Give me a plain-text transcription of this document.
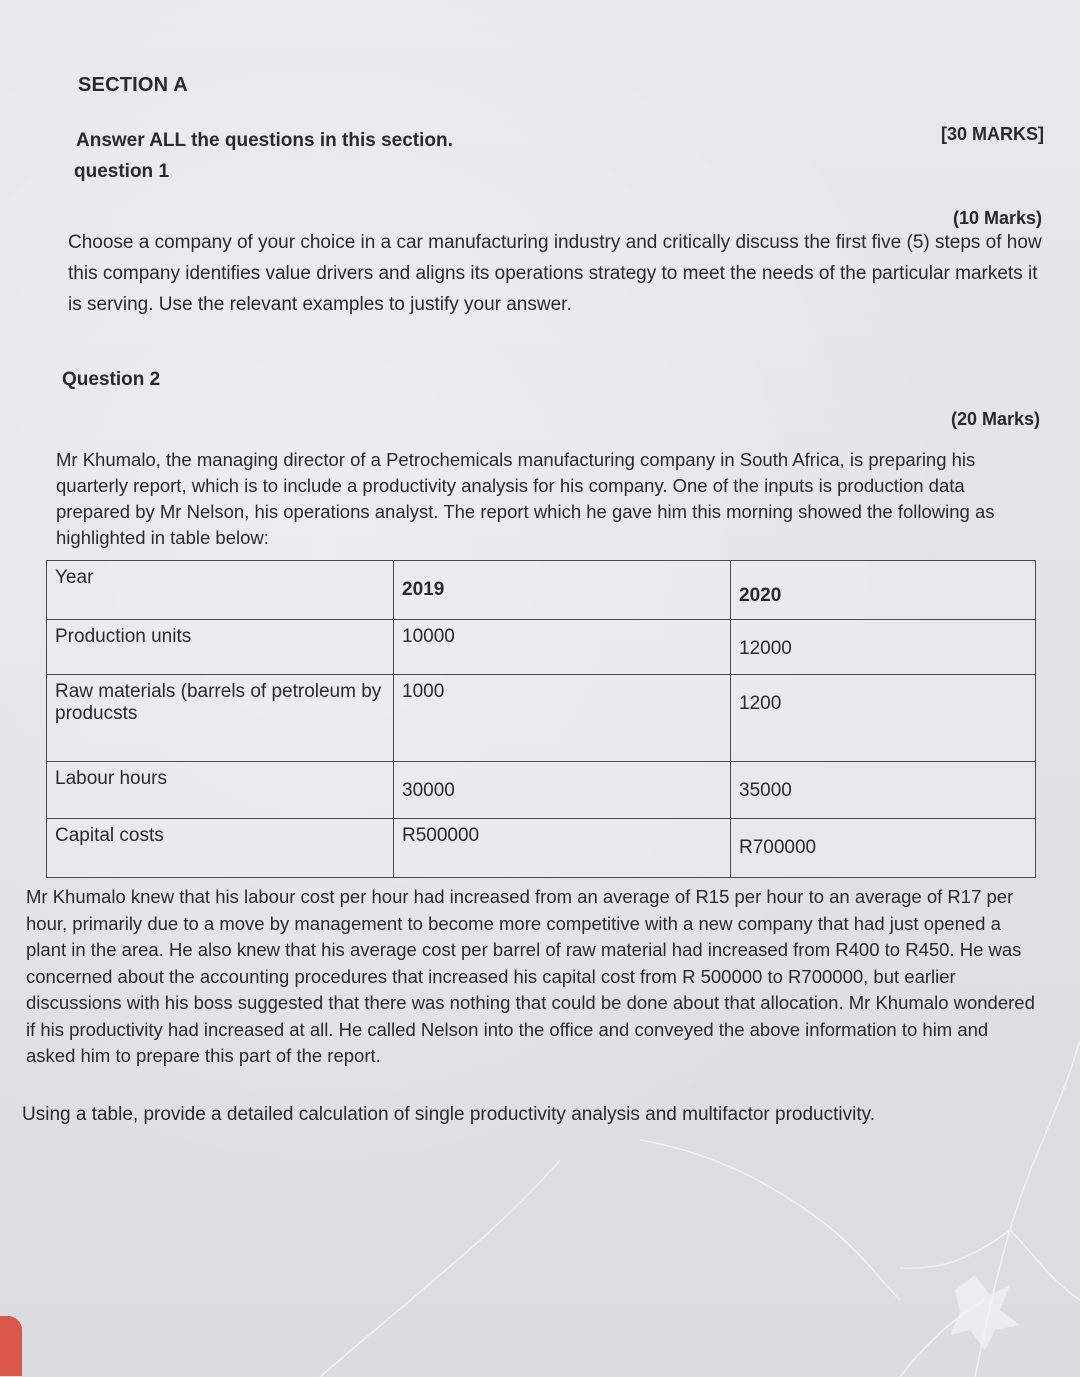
SECTION A
Answer ALL the questions in this section.	[30 MARKS]
question 1
(10 Marks)
Choose a company of your choice in a car manufacturing industry and critically discuss the first five (5) steps of how this company identifies value drivers and aligns its operations strategy to meet the needs of the particular markets it is serving. Use the relevant examples to justify your answer.
Question 2
(20 Marks)
Mr Khumalo, the managing director of a Petrochemicals manufacturing company in South Africa, is preparing his quarterly report, which is to include a productivity analysis for his company. One of the inputs is production data prepared by Mr Nelson, his operations analyst. The report which he gave him this morning showed the following as highlighted in table below:
Year	2019	2020
Production units	10000	12000
Raw materials (barrels of petroleum by producsts	1000	1200
Labour hours	30000	35000
Capital costs	R500000	R700000
Mr Khumalo knew that his labour cost per hour had increased from an average of R15 per hour to an average of R17 per hour, primarily due to a move by management to become more competitive with a new company that had just opened a plant in the area. He also knew that his average cost per barrel of raw material had increased from R400 to R450. He was concerned about the accounting procedures that increased his capital cost from R 500000 to R700000, but earlier discussions with his boss suggested that there was nothing that could be done about that allocation. Mr Khumalo wondered if his productivity had increased at all. He called Nelson into the office and conveyed the above information to him and asked him to prepare this part of the report.
Using a table, provide a detailed calculation of single productivity analysis and multifactor productivity.
